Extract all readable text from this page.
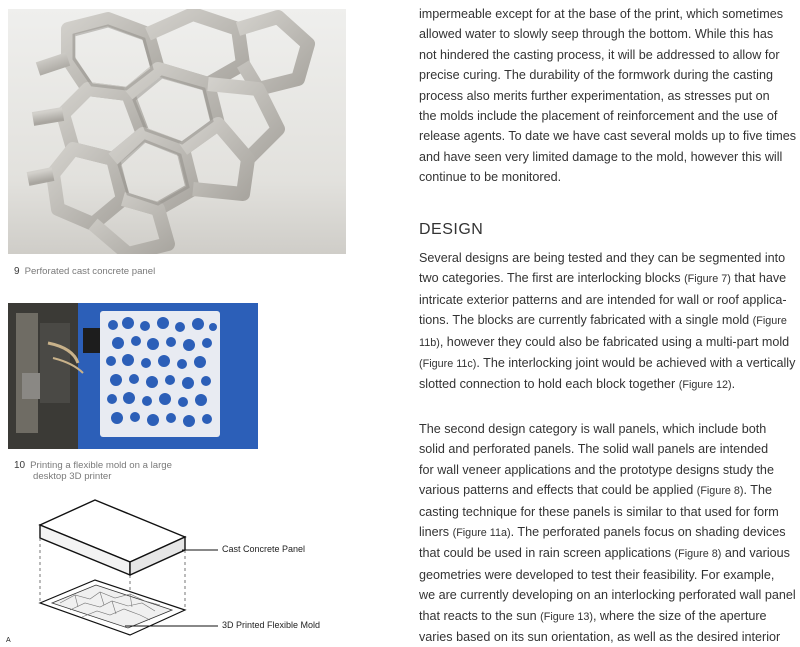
9 Perforated cast concrete panel
10 Printing a flexible mold on a large
desktop 3D printer
Cast Concrete Panel
3D Printed Flexible Mold
A

impermeable except for at the base of the print, which sometimes

allowed water to slowly seep through the bottom. While this has

not hindered the casting process, it will be addressed to allow for

precise curing. The durability of the formwork during the casting

process also merits further experimentation, as stresses put on

the molds include the placement of reinforcement and the use of

release agents. To date we have cast several molds up to five times

and have seen very limited damage to the mold, however this will

continue to be monitored.

DESIGN

Several designs are being tested and they can be segmented into

two categories. The first are interlocking blocks (Figure 7) that have

intricate exterior patterns and are intended for wall or roof applica-

tions. The blocks are currently fabricated with a single mold (Figure

11b), however they could also be fabricated using a multi-part mold

(Figure 11c). The interlocking joint would be achieved with a vertically

slotted connection to hold each block together (Figure 12).

The second design category is wall panels, which include both

solid and perforated panels. The solid wall panels are intended

for wall veneer applications and the prototype designs study the

various patterns and effects that could be applied (Figure 8). The

casting technique for these panels is similar to that used for form

liners (Figure 11a). The perforated panels focus on shading devices

that could be used in rain screen applications (Figure 8) and various

geometries were developed to test their feasibility. For example,

we are currently developing on an interlocking perforated wall panel

that reacts to the sun (Figure 13), where the size of the aperture

varies based on its sun orientation, as well as the desired interior
